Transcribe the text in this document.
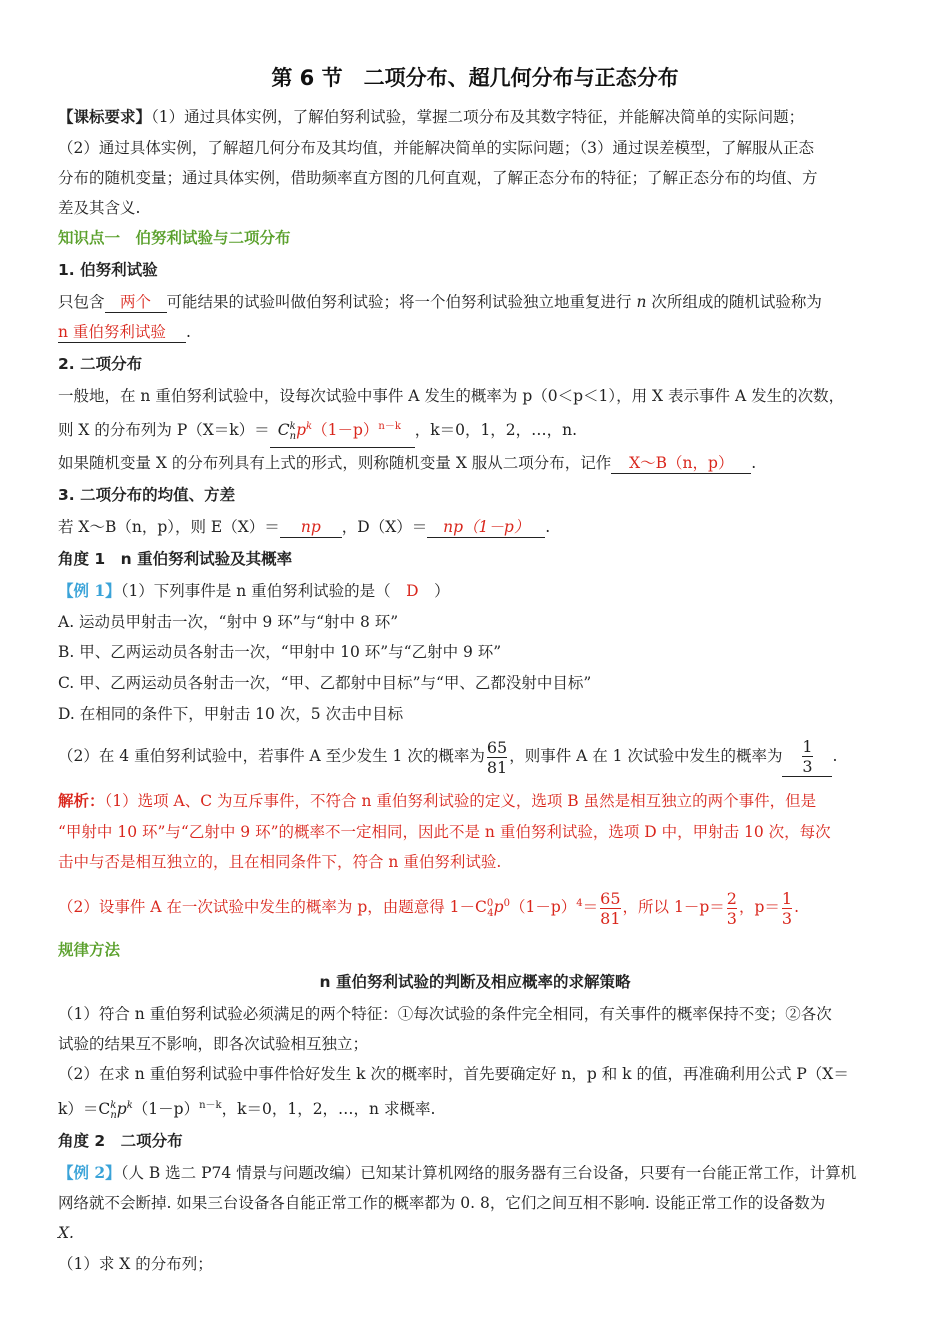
第 6 节　二项分布、超几何分布与正态分布
【课标要求】（1）通过具体实例，了解伯努利试验，掌握二项分布及其数字特征，并能解决简单的实际问题；
（2）通过具体实例，了解超几何分布及其均值，并能解决简单的实际问题；（3）通过误差模型，了解服从正态
分布的随机变量；通过具体实例，借助频率直方图的几何直观，了解正态分布的特征；了解正态分布的均值、方
差及其含义.
知识点一　伯努利试验与二项分布
1. 伯努利试验
只包含 两个 可能结果的试验叫做伯努利试验；将一个伯努利试验独立地重复进行 n 次所组成的随机试验称为
n 重伯努利试验 .
2. 二项分布
一般地，在 n 重伯努利试验中，设每次试验中事件 A 发生的概率为 p（0＜p＜1），用 X 表示事件 A 发生的次数，
则 X 的分布列为 $P(X=k)= C^k_np^k(1-p)^{n-k}$ ，k＝0，1，2，…，n.
如果随机变量 X 的分布列具有上式的形式，则称随机变量 X 服从二项分布，记作 X～B（n，p） .
3. 二项分布的均值、方差
若 X～B（n，p），则 E（X）＝ np ，D（X）＝ np（1－p） .
角度 1　n 重伯努利试验及其概率
【例 1】（1）下列事件是 n 重伯努利试验的是（　D　）
A. 运动员甲射击一次，“射中 9 环”与“射中 8 环”
B. 甲、乙两运动员各射击一次，“甲射中 10 环”与“乙射中 9 环”
C. 甲、乙两运动员各射击一次，“甲、乙都射中目标”与“甲、乙都没射中目标”
D. 在相同的条件下，甲射击 10 次，5 次击中目标
（2）在 4 重伯努利试验中，若事件 A 至少发生 1 次的概率为 $\frac{65}{81}$ ，则事件 A 在 1 次试验中发生的概率为 $\frac{1}{3}$ .
解析：（1）选项 A、C 为互斥事件，不符合 n 重伯努利试验的定义，选项 B 虽然是相互独立的两个事件，但是
“甲射中 10 环”与“乙射中 9 环”的概率不一定相同，因此不是 n 重伯努利试验，选项 D 中，甲射击 10 次，每次
击中与否是相互独立的，且在相同条件下，符合 n 重伯努利试验.
（2）设事件 A 在一次试验中发生的概率为 p，由题意得 $1-C^0_4p^0(1-p)^4= \frac{65}{81}$ ，所以 $1-p= \frac{2}{3}$ ，$p= \frac{1}{3}$ .
规律方法
n 重伯努利试验的判断及相应概率的求解策略
（1）符合 n 重伯努利试验必须满足的两个特征：①每次试验的条件完全相同，有关事件的概率保持不变；②各次
试验的结果互不影响，即各次试验相互独立；
（2）在求 n 重伯努利试验中事件恰好发生 k 次的概率时，首先要确定好 n，p 和 k 的值，再准确利用公式 P（X＝
$k)=C^k_np^k(1-p)^{n-k}$，k＝0，1，2，…，n 求概率.
角度 2　二项分布
【例 2】（人 B 选二 P74 情景与问题改编）已知某计算机网络的服务器有三台设备，只要有一台能正常工作，计算机
网络就不会断掉. 如果三台设备各自能正常工作的概率都为 0. 8，它们之间互相不影响. 设能正常工作的设备数为
X.
（1）求 X 的分布列；
